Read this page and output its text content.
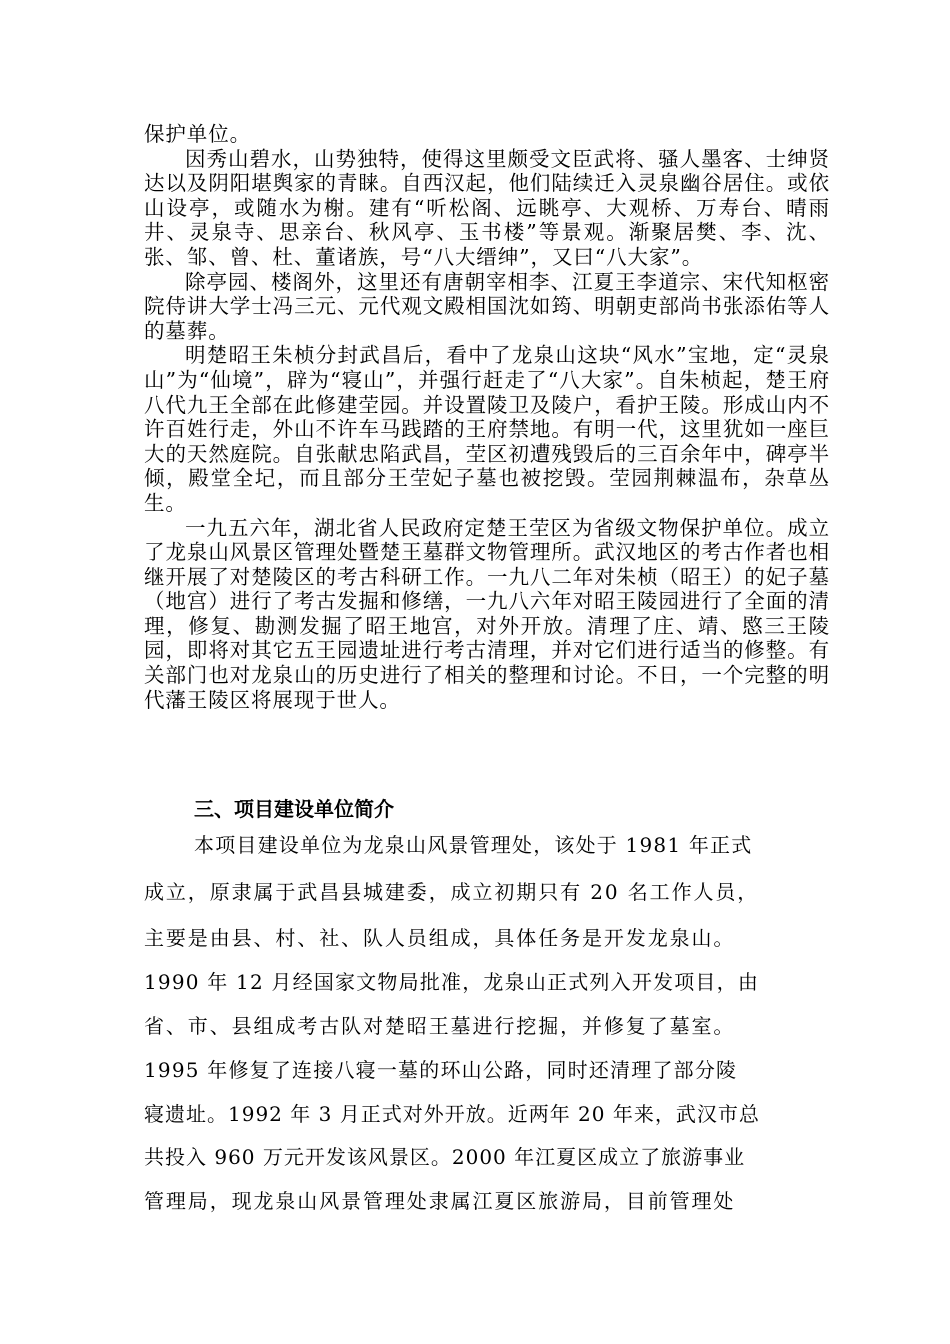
保护单位。

因秀山碧水，山势独特，使得这里颇受文臣武将、骚人墨客、士绅贤达以及阴阳堪舆家的青睐。自西汉起，他们陆续迁入灵泉幽谷居住。或依山设亭，或随水为榭。建有“听松阁、远眺亭、大观桥、万寿台、晴雨井、灵泉寺、思亲台、秋风亭、玉书楼”等景观。渐聚居樊、李、沈、张、邹、曾、杜、董诸族，号“八大缙绅”，又曰“八大家”。

除亭园、楼阁外，这里还有唐朝宰相李、江夏王李道宗、宋代知枢密院侍讲大学士冯三元、元代观文殿相国沈如筠、明朝吏部尚书张添佑等人的墓葬。

明楚昭王朱桢分封武昌后，看中了龙泉山这块“风水”宝地，定“灵泉山”为“仙境”，辟为“寝山”，并强行赶走了“八大家”。自朱桢起，楚王府八代九王全部在此修建茔园。并设置陵卫及陵户，看护王陵。形成山内不许百姓行走，外山不许车马践踏的王府禁地。有明一代，这里犹如一座巨大的天然庭院。自张献忠陷武昌，茔区初遭残毁后的三百余年中，碑亭半倾，殿堂全圮，而且部分王茔妃子墓也被挖毁。茔园荆棘温布，杂草丛生。

一九五六年，湖北省人民政府定楚王茔区为省级文物保护单位。成立了龙泉山风景区管理处暨楚王墓群文物管理所。武汉地区的考古作者也相继开展了对楚陵区的考古科研工作。一九八二年对朱桢（昭王）的妃子墓（地宫）进行了考古发掘和修缮，一九八六年对昭王陵园进行了全面的清理，修复、勘测发掘了昭王地宫，对外开放。清理了庄、靖、愍三王陵园，即将对其它五王园遗址进行考古清理，并对它们进行适当的修整。有关部门也对龙泉山的历史进行了相关的整理和讨论。不日，一个完整的明代藩王陵区将展现于世人。

三、项目建设单位简介
本项目建设单位为龙泉山风景管理处，该处于 1981 年正式
成立，原隶属于武昌县城建委，成立初期只有 20 名工作人员，
主要是由县、村、社、队人员组成，具体任务是开发龙泉山。
1990 年 12 月经国家文物局批准，龙泉山正式列入开发项目，由
省、市、县组成考古队对楚昭王墓进行挖掘，并修复了墓室。
1995 年修复了连接八寝一墓的环山公路，同时还清理了部分陵
寝遗址。1992 年 3 月正式对外开放。近两年 20 年来，武汉市总
共投入 960 万元开发该风景区。2000 年江夏区成立了旅游事业
管理局，现龙泉山风景管理处隶属江夏区旅游局，目前管理处
